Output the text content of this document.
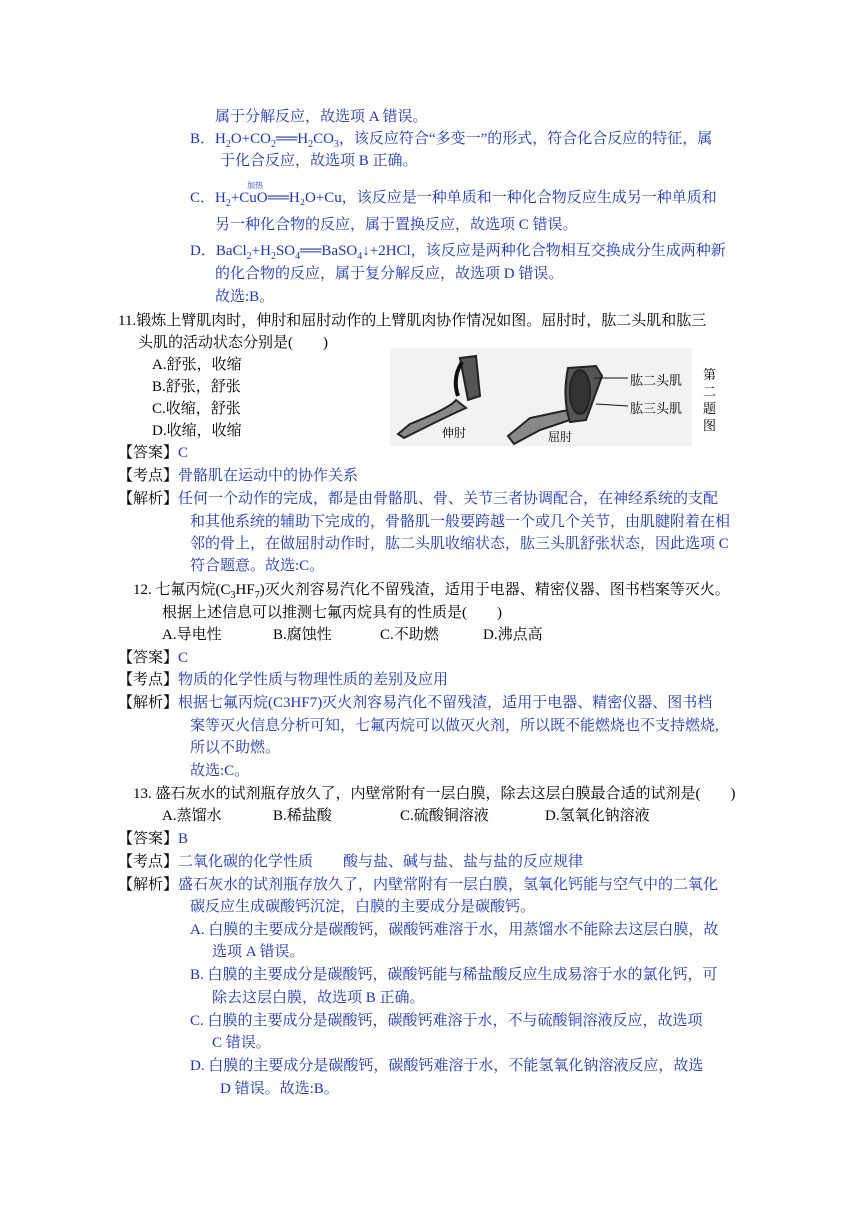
属于分解反应，故选项 A 错误。
B．$H_2O+CO_2══H_2CO_3$，该反应符合“多变一”的形式，符合化合反应的特征，属
于化合反应，故选项 B 正确。
加热
C．$H_2+CuO══H_2O+Cu$，该反应是一种单质和一种化合物反应生成另一种单质和
另一种化合物的反应，属于置换反应，故选项 C 错误。
D．$BaCl_2+H_2SO_4══BaSO_4↓+2HCl$，该反应是两种化合物相互交换成分生成两种新
的化合物的反应，属于复分解反应，故选项 D 错误。
故选:B。
11.锻炼上臂肌肉时，伸肘和屈肘动作的上臂肌肉协作情况如图。屈肘时，肱二头肌和肱三
头肌的活动状态分别是(　　)
A.舒张，收缩
B.舒张，舒张
C.收缩，舒张
D.收缩，收缩
肱二头肌
肱三头肌
伸肘	屈肘
第
二
题
图
【答案】C
【考点】骨骼肌在运动中的协作关系
【解析】任何一个动作的完成，都是由骨骼肌、骨、关节三者协调配合，在神经系统的支配
和其他系统的辅助下完成的，骨骼肌一般要跨越一个或几个关节，由肌腱附着在相
邻的骨上，在做屈肘动作时，肱二头肌收缩状态，肱三头肌舒张状态，因此选项 C
符合题意。故选:C。
12. 七氟丙烷$(C_3HF_7)$灭火剂容易汽化不留残渣，适用于电器、精密仪器、图书档案等灭火。
根据上述信息可以推测七氟丙烷具有的性质是(　　)
A.导电性	B.腐蚀性	C.不助燃	D.沸点高
【答案】C
【考点】物质的化学性质与物理性质的差别及应用
【解析】根据七氟丙烷(C3HF7)灭火剂容易汽化不留残渣，适用于电器、精密仪器、图书档
案等灭火信息分析可知，七氟丙烷可以做灭火剂，所以既不能燃烧也不支持燃烧,
所以不助燃。
故选:C。
13. 盛石灰水的试剂瓶存放久了，内壁常附有一层白膜，除去这层白膜最合适的试剂是(　　)
A.蒸馏水	B.稀盐酸	C.硫酸铜溶液	D.氢氧化钠溶液
【答案】B
【考点】二氧化碳的化学性质　　酸与盐、碱与盐、盐与盐的反应规律
【解析】盛石灰水的试剂瓶存放久了，内壁常附有一层白膜，氢氧化钙能与空气中的二氧化
碳反应生成碳酸钙沉淀，白膜的主要成分是碳酸钙。
A. 白膜的主要成分是碳酸钙，碳酸钙难溶于水，用蒸馏水不能除去这层白膜，故
选项 A 错误。
B. 白膜的主要成分是碳酸钙，碳酸钙能与稀盐酸反应生成易溶于水的氯化钙，可
除去这层白膜，故选项 B 正确。
C. 白膜的主要成分是碳酸钙，碳酸钙难溶于水，不与硫酸铜溶液反应，故选项
C 错误。
D. 白膜的主要成分是碳酸钙，碳酸钙难溶于水，不能氢氧化钠溶液反应，故选
D 错误。故选:B。
